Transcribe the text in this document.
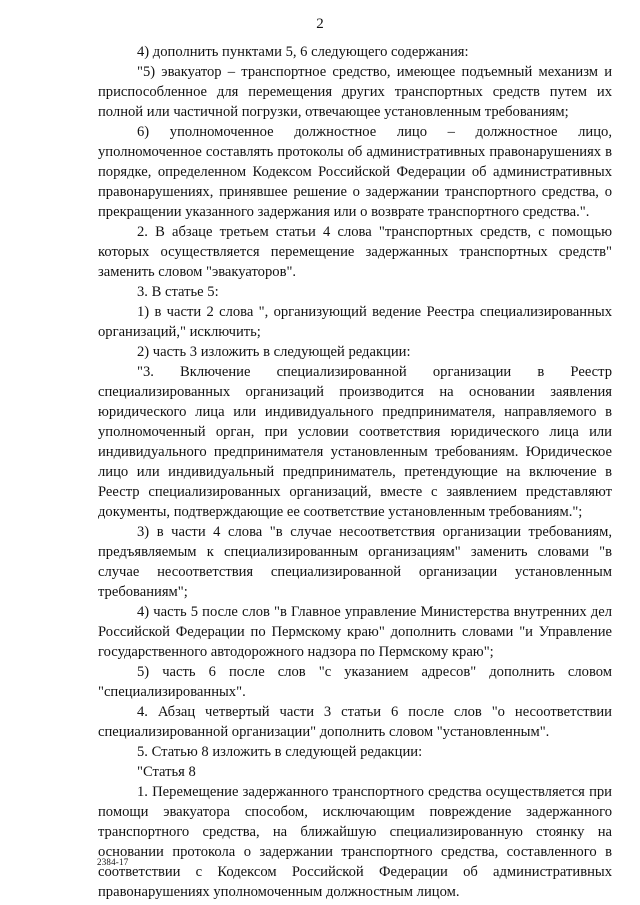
2

4) дополнить пунктами 5, 6 следующего содержания:

"5) эвакуатор – транспортное средство, имеющее подъемный механизм и приспособленное для перемещения других транспортных средств путем их полной или частичной погрузки, отвечающее установленным требованиям;

6) уполномоченное должностное лицо – должностное лицо, уполномоченное составлять протоколы об административных правонарушениях в порядке, определенном Кодексом Российской Федерации об административных правонарушениях, принявшее решение о задержании транспортного средства, о прекращении указанного задержания или о возврате транспортного средства.".

2. В абзаце третьем статьи 4 слова "транспортных средств, с помощью которых осуществляется перемещение задержанных транспортных средств" заменить словом "эвакуаторов".

3. В статье 5:

1) в части 2 слова ", организующий ведение Реестра специализированных организаций," исключить;

2) часть 3 изложить в следующей редакции:

"3. Включение специализированной организации в Реестр специализированных организаций производится на основании заявления юридического лица или индивидуального предпринимателя, направляемого в уполномоченный орган, при условии соответствия юридического лица или индивидуального предпринимателя установленным требованиям. Юридическое лицо или индивидуальный предприниматель, претендующие на включение в Реестр специализированных организаций, вместе с заявлением представляют документы, подтверждающие ее соответствие установленным требованиям.";

3) в части 4 слова "в случае несоответствия организации требованиям, предъявляемым к специализированным организациям" заменить словами "в случае несоответствия специализированной организации установленным требованиям";

4) часть 5 после слов "в Главное управление Министерства внутренних дел Российской Федерации по Пермскому краю" дополнить словами "и Управление государственного автодорожного надзора по Пермскому краю";

5) часть 6 после слов "с указанием адресов" дополнить словом "специализированных".

4. Абзац четвертый части 3 статьи 6 после слов "о несоответствии специализированной организации" дополнить словом "установленным".

5. Статью 8 изложить в следующей редакции:

"Статья 8

1. Перемещение задержанного транспортного средства осуществляется при помощи эвакуатора способом, исключающим повреждение задержанного транспортного средства, на ближайшую специализированную стоянку на основании протокола о задержании транспортного средства, составленного в соответствии с Кодексом Российской Федерации об административных правонарушениях уполномоченным должностным лицом.

2384-17
